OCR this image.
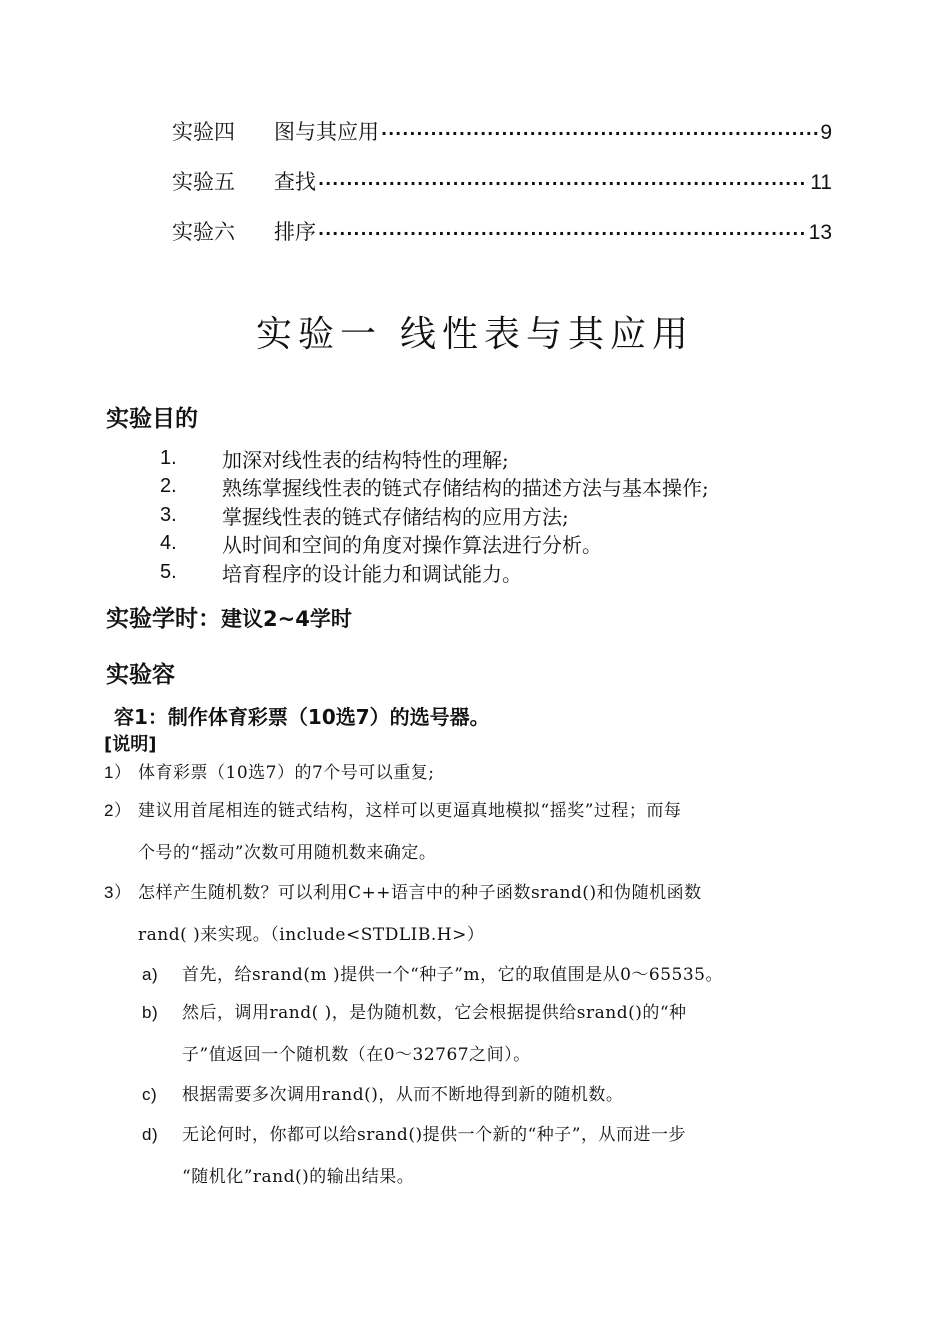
实验四	图与其应用 ·····	9
实验五	查找 ·····	11
实验六	排序 ·····	13
实验一 线性表与其应用
实验目的
1.	加深对线性表的结构特性的理解;
2.	熟练掌握线性表的链式存储结构的描述方法与基本操作;
3.	掌握线性表的链式存储结构的应用方法;
4.	从时间和空间的角度对操作算法进行分析。
5.	培育程序的设计能力和调试能力。
实验学时：建议2~4学时
实验容
容1：制作体育彩票（10选7）的选号器。
[说明]
1） 体育彩票（10选7）的7个号可以重复;
2） 建议用首尾相连的链式结构，这样可以更逼真地模拟“摇奖”过程；而每
个号的“摇动”次数可用随机数来确定。
3） 怎样产生随机数？可以利用C++语言中的种子函数srand()和伪随机函数
rand( )来实现。（include<STDLIB.H>）
a) 首先，给srand(m )提供一个“种子”m，它的取值围是从0～65535。
b) 然后，调用rand( )，是伪随机数，它会根据提供给srand()的“种
子”值返回一个随机数（在0～32767之间）。
c) 根据需要多次调用rand()，从而不断地得到新的随机数。
d) 无论何时，你都可以给srand()提供一个新的“种子”，从而进一步
“随机化”rand()的输出结果。
